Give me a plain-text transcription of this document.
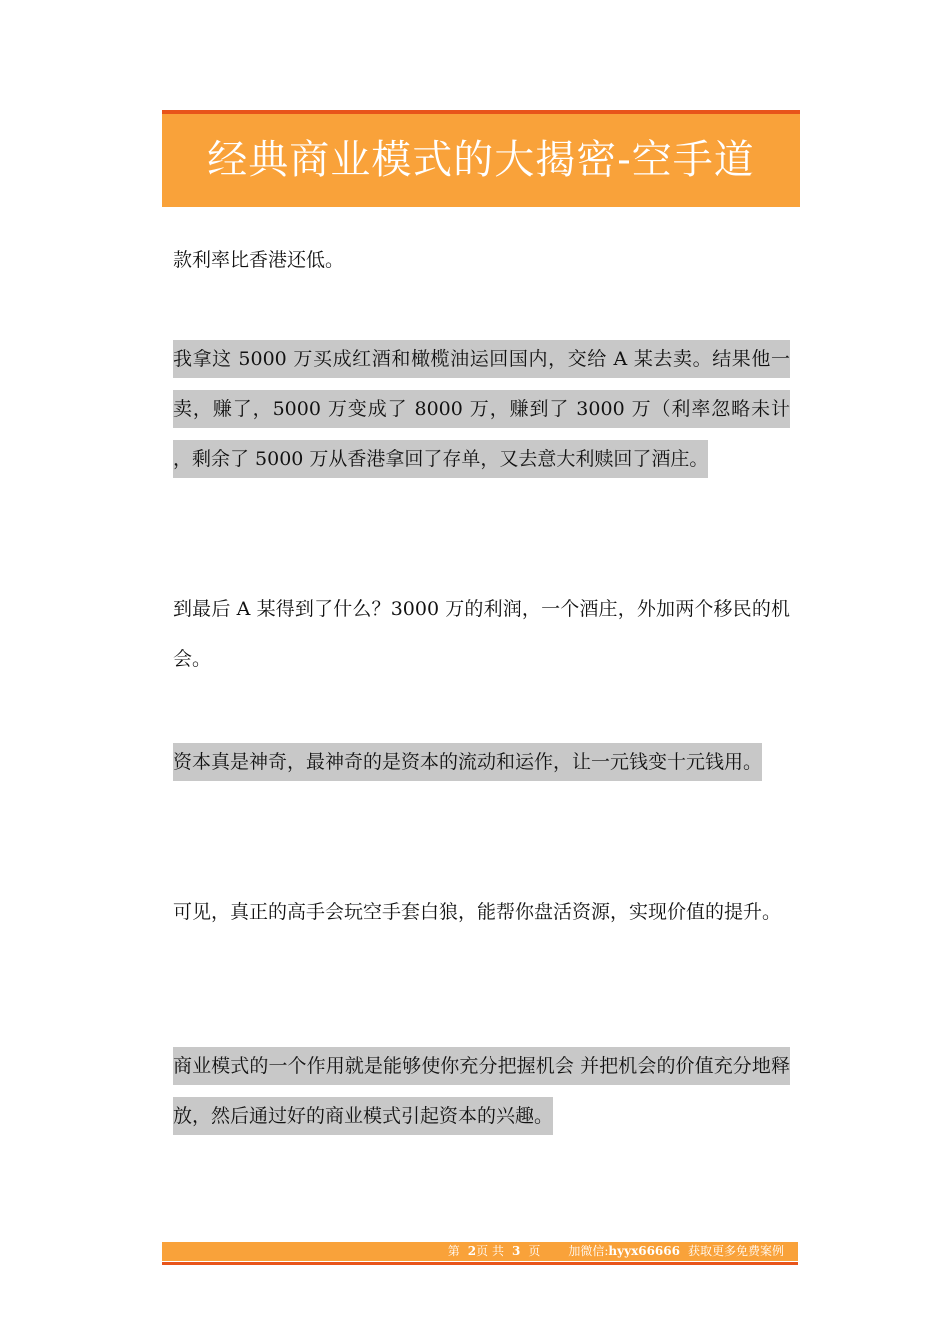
经典商业模式的大揭密-空手道

款利率比香港还低。

我拿这 5000 万买成红酒和橄榄油运回国内，交给 A 某去卖。结果他一卖，赚了，5000 万变成了 8000 万，赚到了 3000 万（利率忽略未计 ，剩余了 5000 万从香港拿回了存单，又去意大利赎回了酒庄。

到最后 A 某得到了什么？3000 万的利润，一个酒庄，外加两个移民的机会。

资本真是神奇，最神奇的是资本的流动和运作，让一元钱变十元钱用。

可见，真正的高手会玩空手套白狼，能帮你盘活资源，实现价值的提升。

商业模式的一个作用就是能够使你充分把握机会 并把机会的价值充分地释放，然后通过好的商业模式引起资本的兴趣。

第 2页 共 3 页 加微信:hyyx66666 获取更多免费案例
